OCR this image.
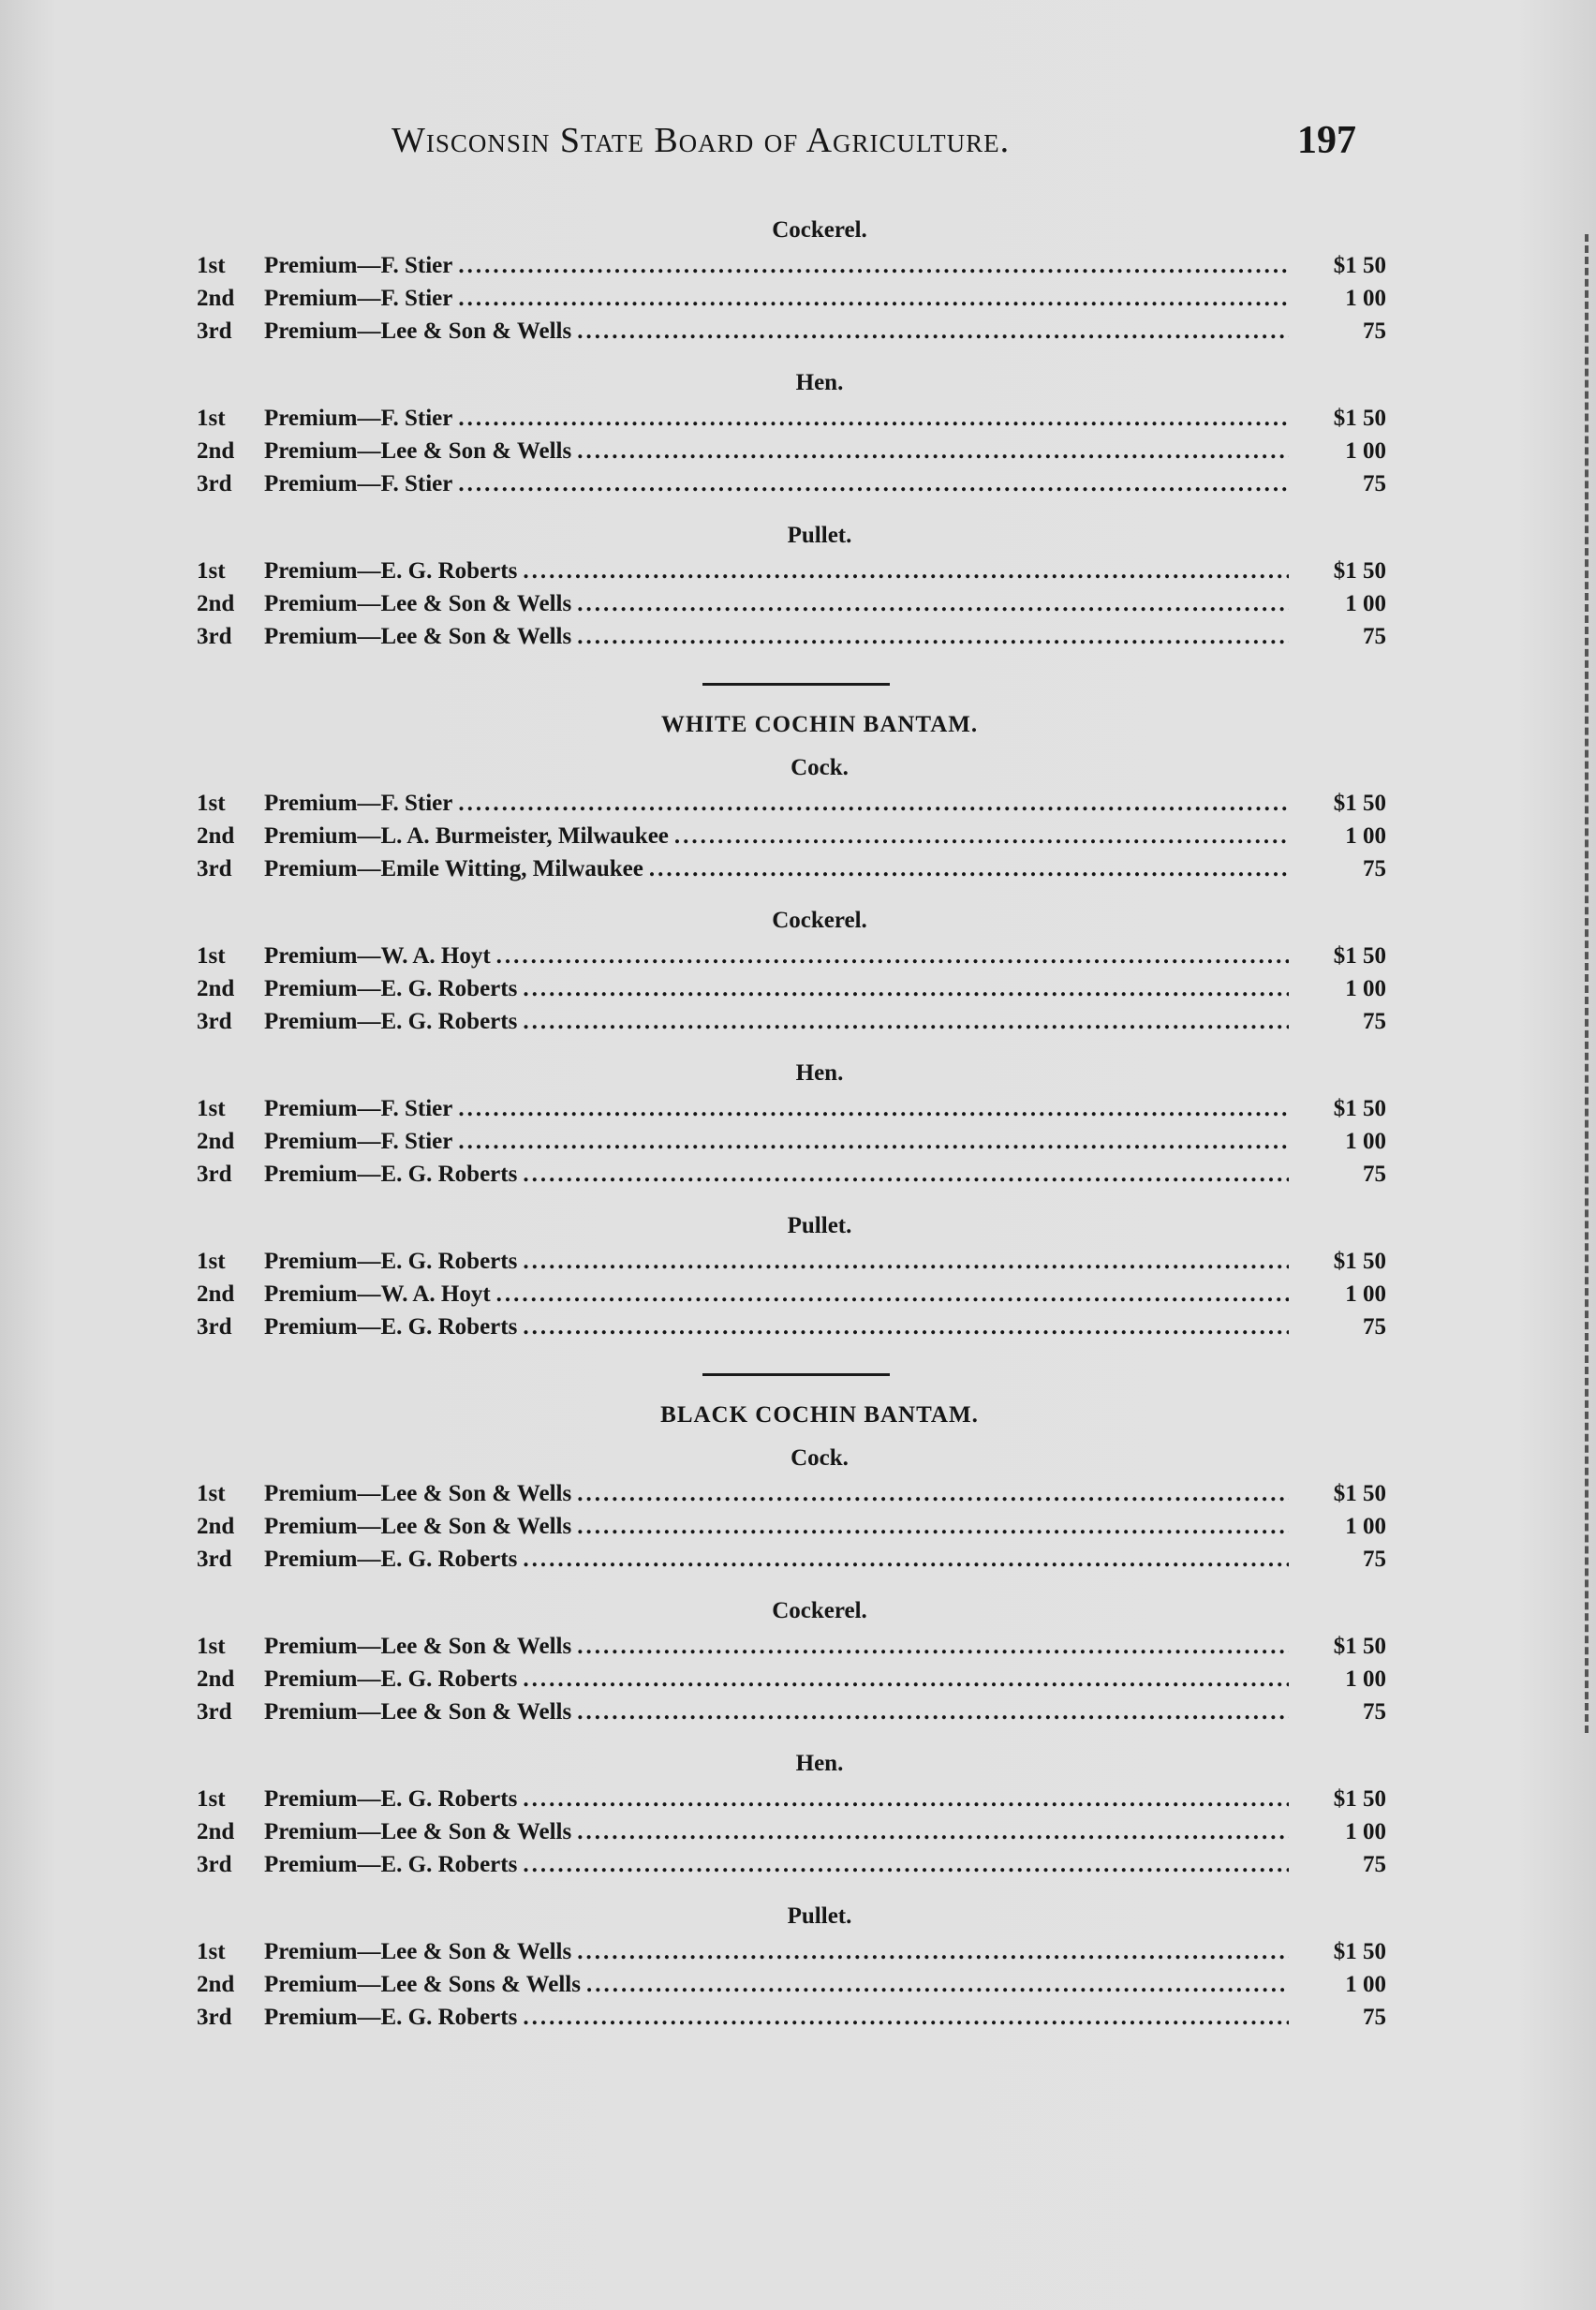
Wisconsin State Board of Agriculture.	197
Cockerel.
1st	Premium—F. Stier .....	$1 50
2nd	Premium—F. Stier .....	1 00
3rd	Premium—Lee & Son & Wells .....	75
Hen.
1st	Premium—F. Stier .....	$1 50
2nd	Premium—Lee & Son & Wells .....	1 00
3rd	Premium—F. Stier .....	75
Pullet.
1st	Premium—E. G. Roberts .....	$1 50
2nd	Premium—Lee & Son & Wells .....	1 00
3rd	Premium—Lee & Son & Wells .....	75
WHITE COCHIN BANTAM.
Cock.
1st	Premium—F. Stier .....	$1 50
2nd	Premium—L. A. Burmeister, Milwaukee .....	1 00
3rd	Premium—Emile Witting, Milwaukee .....	75
Cockerel.
1st	Premium—W. A. Hoyt .....	$1 50
2nd	Premium—E. G. Roberts .....	1 00
3rd	Premium—E. G. Roberts .....	75
Hen.
1st	Premium—F. Stier .....	$1 50
2nd	Premium—F. Stier .....	1 00
3rd	Premium—E. G. Roberts .....	75
Pullet.
1st	Premium—E. G. Roberts .....	$1 50
2nd	Premium—W. A. Hoyt .....	1 00
3rd	Premium—E. G. Roberts .....	75
BLACK COCHIN BANTAM.
Cock.
1st	Premium—Lee & Son & Wells .....	$1 50
2nd	Premium—Lee & Son & Wells .....	1 00
3rd	Premium—E. G. Roberts .....	75
Cockerel.
1st	Premium—Lee & Son & Wells .....	$1 50
2nd	Premium—E. G. Roberts .....	1 00
3rd	Premium—Lee & Son & Wells .....	75
Hen.
1st	Premium—E. G. Roberts .....	$1 50
2nd	Premium—Lee & Son & Wells .....	1 00
3rd	Premium—E. G. Roberts .....	75
Pullet.
1st	Premium—Lee & Son & Wells .....	$1 50
2nd	Premium—Lee & Sons & Wells .....	1 00
3rd	Premium—E. G. Roberts .....	75
